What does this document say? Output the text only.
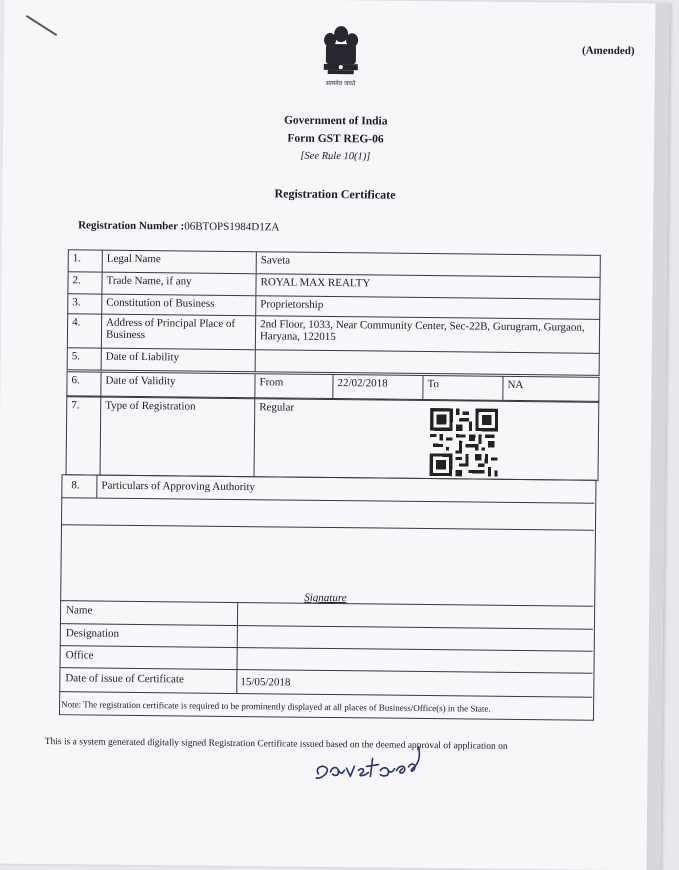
(Amended)
सत्यमेव जयते
Government of India
Form GST REG-06
[See Rule 10(1)]
Registration Certificate
Registration Number :06BTOPS1984D1ZA
1.	Legal Name	Saveta
2.	Trade Name, if any	ROYAL MAX REALTY
3.	Constitution of Business	Proprietorship
4.	Address of Principal Place of Business	2nd Floor, 1033, Near Community Center, Sec-22B, Gurugram, Gurgaon, Haryana, 122015
5.	Date of Liability	
6.	Date of Validity	From	22/02/2018	To	NA
7.	Type of Registration	Regular
8. Particulars of Approving Authority
Signature
Name
Designation
Office
Date of issue of Certificate	15/05/2018
Note: The registration certificate is required to be prominently displayed at all places of Business/Office(s) in the State.
This is a system generated digitally signed Registration Certificate issued based on the deemed approval of application on
